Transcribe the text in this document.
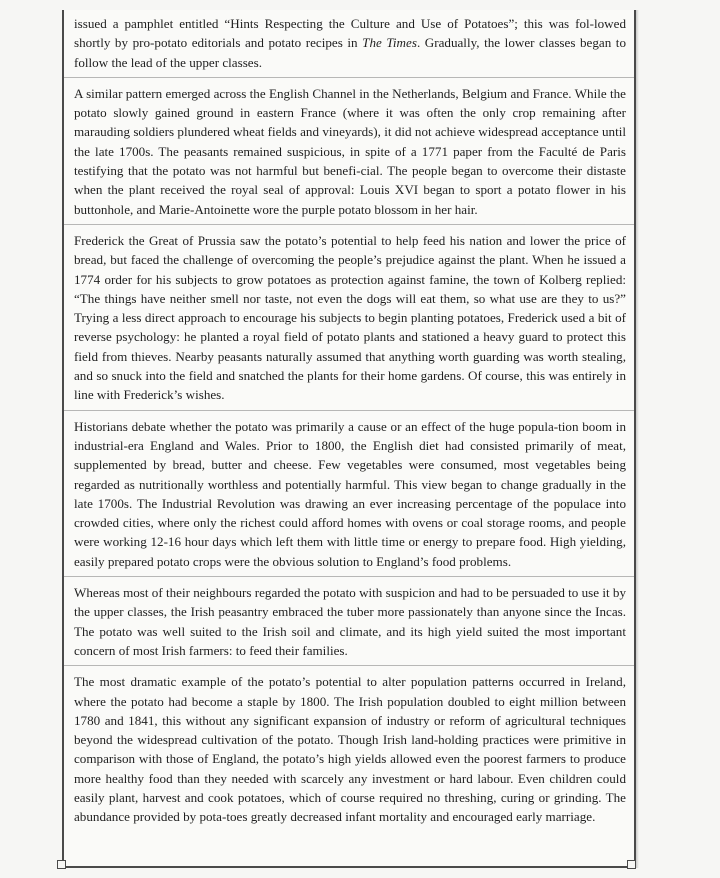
issued a pamphlet entitled “Hints Respecting the Culture and Use of Potatoes”; this was fol-lowed shortly by pro-potato editorials and potato recipes in The Times. Gradually, the lower classes began to follow the lead of the upper classes.

A similar pattern emerged across the English Channel in the Netherlands, Belgium and France. While the potato slowly gained ground in eastern France (where it was often the only crop remaining after marauding soldiers plundered wheat fields and vineyards), it did not achieve widespread acceptance until the late 1700s. The peasants remained suspicious, in spite of a 1771 paper from the Faculté de Paris testifying that the potato was not harmful but benefi-cial. The people began to overcome their distaste when the plant received the royal seal of approval: Louis XVI began to sport a potato flower in his buttonhole, and Marie-Antoinette wore the purple potato blossom in her hair.

Frederick the Great of Prussia saw the potato’s potential to help feed his nation and lower the price of bread, but faced the challenge of overcoming the people’s prejudice against the plant. When he issued a 1774 order for his subjects to grow potatoes as protection against famine, the town of Kolberg replied: “The things have neither smell nor taste, not even the dogs will eat them, so what use are they to us?” Trying a less direct approach to encourage his subjects to begin planting potatoes, Frederick used a bit of reverse psychology: he planted a royal field of potato plants and stationed a heavy guard to protect this field from thieves. Nearby peasants naturally assumed that anything worth guarding was worth stealing, and so snuck into the field and snatched the plants for their home gardens. Of course, this was entirely in line with Frederick’s wishes.

Historians debate whether the potato was primarily a cause or an effect of the huge popula-tion boom in industrial-era England and Wales. Prior to 1800, the English diet had consisted primarily of meat, supplemented by bread, butter and cheese. Few vegetables were consumed, most vegetables being regarded as nutritionally worthless and potentially harmful. This view began to change gradually in the late 1700s. The Industrial Revolution was drawing an ever increasing percentage of the populace into crowded cities, where only the richest could afford homes with ovens or coal storage rooms, and people were working 12-16 hour days which left them with little time or energy to prepare food. High yielding, easily prepared potato crops were the obvious solution to England’s food problems.

Whereas most of their neighbours regarded the potato with suspicion and had to be persuaded to use it by the upper classes, the Irish peasantry embraced the tuber more passionately than anyone since the Incas. The potato was well suited to the Irish soil and climate, and its high yield suited the most important concern of most Irish farmers: to feed their families.

The most dramatic example of the potato’s potential to alter population patterns occurred in Ireland, where the potato had become a staple by 1800. The Irish population doubled to eight million between 1780 and 1841, this without any significant expansion of industry or reform of agricultural techniques beyond the widespread cultivation of the potato. Though Irish land-holding practices were primitive in comparison with those of England, the potato’s high yields allowed even the poorest farmers to produce more healthy food than they needed with scarcely any investment or hard labour. Even children could easily plant, harvest and cook potatoes, which of course required no threshing, curing or grinding. The abundance provided by pota-toes greatly decreased infant mortality and encouraged early marriage.
